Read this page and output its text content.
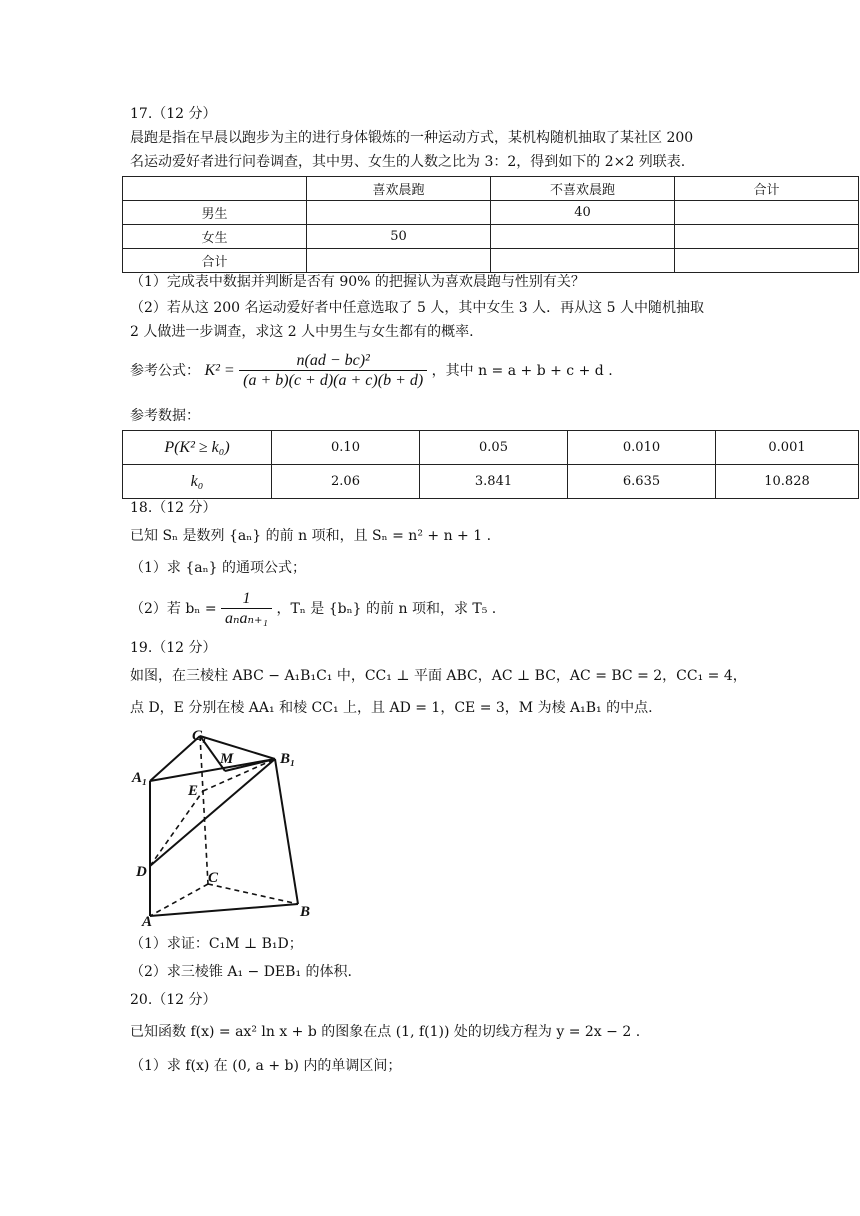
17.（12 分）
晨跑是指在早晨以跑步为主的进行身体锻炼的一种运动方式，某机构随机抽取了某社区 200
名运动爱好者进行问卷调查，其中男、女生的人数之比为 3：2，得到如下的 2×2 列联表.
	喜欢晨跑	不喜欢晨跑	合计
男生		40	
女生	50		
合计			
（1）完成表中数据并判断是否有 90% 的把握认为喜欢晨跑与性别有关？
（2）若从这 200 名运动爱好者中任意选取了 5 人，其中女生 3 人．再从这 5 人中随机抽取
2 人做进一步调查，求这 2 人中男生与女生都有的概率.
参考公式： $K^2 = \frac{\text{n(ad − bc)²}}{(a + b)(c + d)(a + c)(b + d)}$ ，其中 n = a + b + c + d .
参考数据：
P(K² ≥ k₀)	0.10	0.05	0.010	0.001
k₀	2.06	3.841	6.635	10.828
18.（12 分）
已知 Sₙ 是数列 {aₙ} 的前 n 项和，且 Sₙ = n² + n + 1 .
（1）求 {aₙ} 的通项公式；
（2）若 $b_n = \frac{1}{\text{aₙaₙ₊₁}}$ ，Tₙ 是 {bₙ} 的前 n 项和，求 T₅ .
19.（12 分）
如图，在三棱柱 ABC − A₁B₁C₁ 中，CC₁ ⊥ 平面 ABC，AC ⊥ BC，AC = BC = 2，CC₁ = 4，
点 D，E 分别在棱 AA₁ 和棱 CC₁ 上，且 AD = 1，CE = 3，M 为棱 A₁B₁ 的中点.
C₁
M	B₁
A₁
E
D	C
A
B
（1）求证：C₁M ⊥ B₁D；
（2）求三棱锥 A₁ − DEB₁ 的体积.
20.（12 分）
已知函数 f(x) = ax² ln x + b 的图象在点 (1, f(1)) 处的切线方程为 y = 2x − 2 .
（1）求 f(x) 在 (0, a + b) 内的单调区间；
